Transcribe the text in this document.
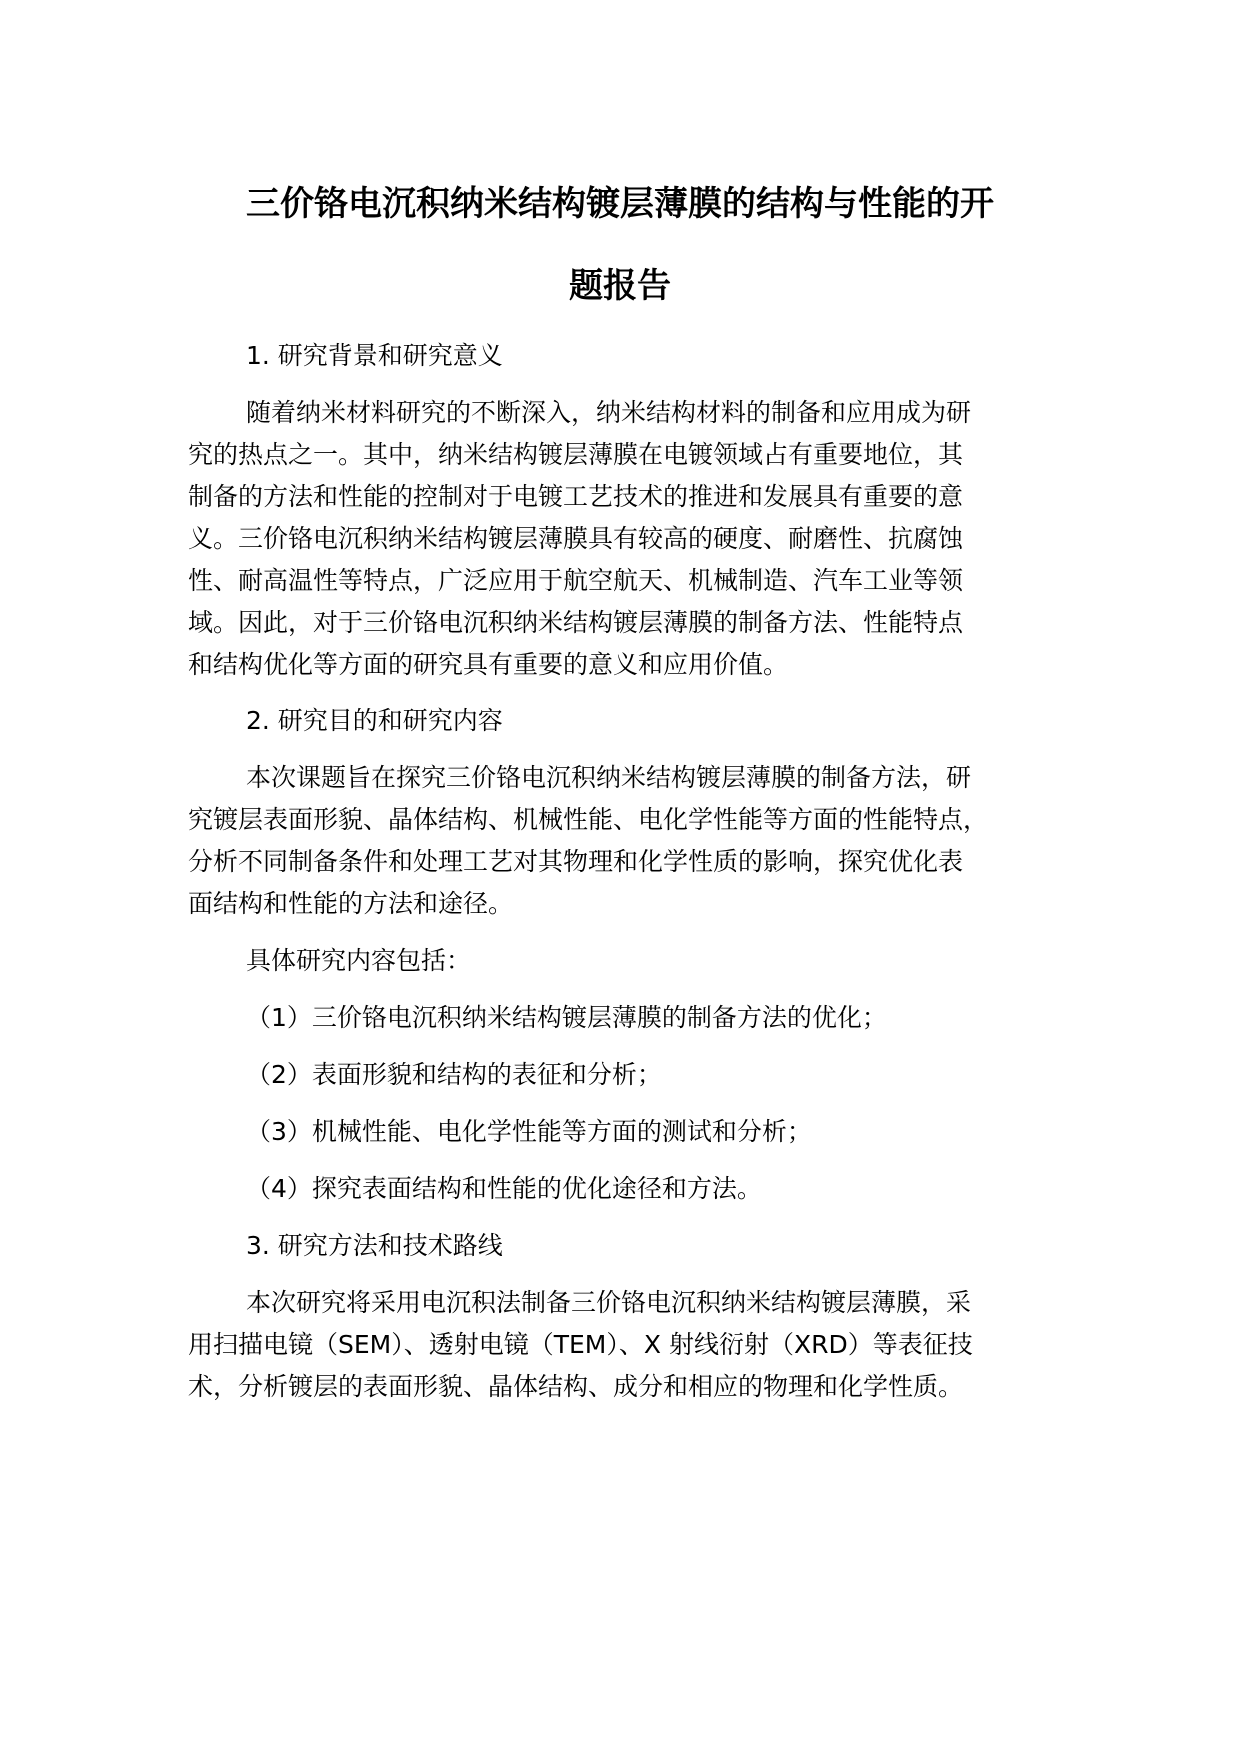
三价铬电沉积纳米结构镀层薄膜的结构与性能的开
题报告
1. 研究背景和研究意义
随着纳米材料研究的不断深入，纳米结构材料的制备和应用成为研
究的热点之一。其中，纳米结构镀层薄膜在电镀领域占有重要地位，其
制备的方法和性能的控制对于电镀工艺技术的推进和发展具有重要的意
义。三价铬电沉积纳米结构镀层薄膜具有较高的硬度、耐磨性、抗腐蚀
性、耐高温性等特点，广泛应用于航空航天、机械制造、汽车工业等领
域。因此，对于三价铬电沉积纳米结构镀层薄膜的制备方法、性能特点
和结构优化等方面的研究具有重要的意义和应用价值。
2. 研究目的和研究内容
本次课题旨在探究三价铬电沉积纳米结构镀层薄膜的制备方法，研
究镀层表面形貌、晶体结构、机械性能、电化学性能等方面的性能特点，
分析不同制备条件和处理工艺对其物理和化学性质的影响，探究优化表
面结构和性能的方法和途径。
具体研究内容包括：
（1）三价铬电沉积纳米结构镀层薄膜的制备方法的优化；
（2）表面形貌和结构的表征和分析；
（3）机械性能、电化学性能等方面的测试和分析；
（4）探究表面结构和性能的优化途径和方法。
3. 研究方法和技术路线
本次研究将采用电沉积法制备三价铬电沉积纳米结构镀层薄膜，采
用扫描电镜（SEM）、透射电镜（TEM）、X 射线衍射（XRD）等表征技
术，分析镀层的表面形貌、晶体结构、成分和相应的物理和化学性质。
